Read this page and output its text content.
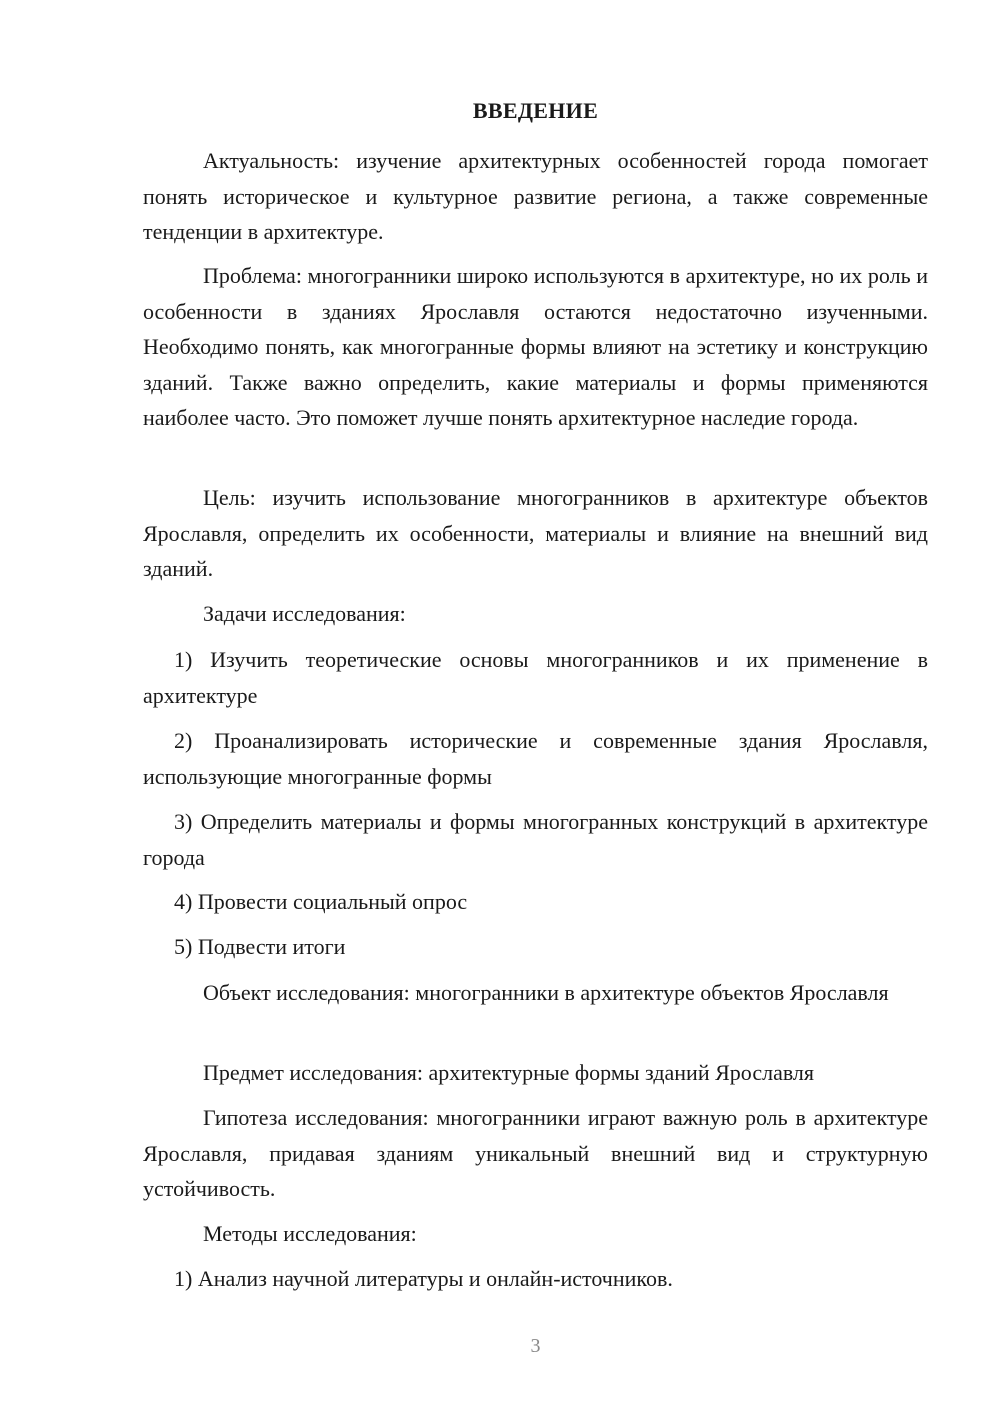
ВВЕДЕНИЕ

Актуальность: изучение архитектурных особенностей города помогает понять историческое и культурное развитие региона, а также современные тенденции в архитектуре.

Проблема: многогранники широко используются в архитектуре, но их роль и особенности в зданиях Ярославля остаются недостаточно изученными. Необходимо понять, как многогранные формы влияют на эстетику и конструкцию зданий. Также важно определить, какие материалы и формы применяются наиболее часто. Это поможет лучше понять архитектурное наследие города.

Цель: изучить использование многогранников в архитектуре объектов Ярославля, определить их особенности, материалы и влияние на внешний вид зданий.

Задачи исследования:

1) Изучить теоретические основы многогранников и их применение в архитектуре

2) Проанализировать исторические и современные здания Ярославля, использующие многогранные формы

3) Определить материалы и формы многогранных конструкций в архитектуре города

4) Провести социальный опрос

5) Подвести итоги

Объект исследования: многогранники в архитектуре объектов Ярославля

Предмет исследования: архитектурные формы зданий Ярославля

Гипотеза исследования: многогранники играют важную роль в архитектуре Ярославля, придавая зданиям уникальный внешний вид и структурную устойчивость.

Методы исследования:

1) Анализ научной литературы и онлайн-источников.

3
